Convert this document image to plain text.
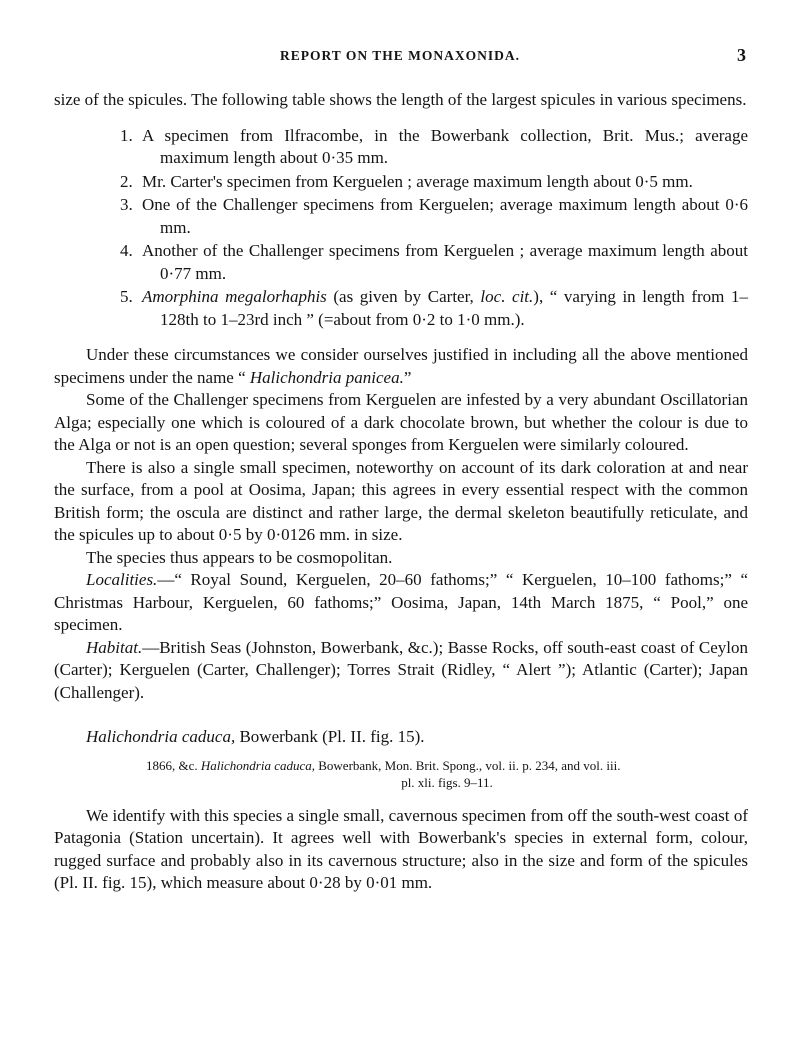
REPORT ON THE MONAXONIDA.	3

size of the spicules. The following table shows the length of the largest spicules in various specimens.

1. A specimen from Ilfracombe, in the Bowerbank collection, Brit. Mus.; average maximum length about 0·35 mm.
2. Mr. Carter's specimen from Kerguelen ; average maximum length about 0·5 mm.
3. One of the Challenger specimens from Kerguelen; average maximum length about 0·6 mm.
4. Another of the Challenger specimens from Kerguelen ; average maximum length about 0·77 mm.
5. Amorphina megalorhaphis (as given by Carter, loc. cit.), “ varying in length from 1–128th to 1–23rd inch ” (=about from 0·2 to 1·0 mm.).

Under these circumstances we consider ourselves justified in including all the above mentioned specimens under the name “ Halichondria panicea.”

Some of the Challenger specimens from Kerguelen are infested by a very abundant Oscillatorian Alga; especially one which is coloured of a dark chocolate brown, but whether the colour is due to the Alga or not is an open question; several sponges from Kerguelen were similarly coloured.

There is also a single small specimen, noteworthy on account of its dark coloration at and near the surface, from a pool at Oosima, Japan; this agrees in every essential respect with the common British form; the oscula are distinct and rather large, the dermal skeleton beautifully reticulate, and the spicules up to about 0·5 by 0·0126 mm. in size.

The species thus appears to be cosmopolitan.

Localities.—“ Royal Sound, Kerguelen, 20–60 fathoms;” “ Kerguelen, 10–100 fathoms;” “ Christmas Harbour, Kerguelen, 60 fathoms;” Oosima, Japan, 14th March 1875, “ Pool,” one specimen.

Habitat.—British Seas (Johnston, Bowerbank, &c.); Basse Rocks, off south-east coast of Ceylon (Carter); Kerguelen (Carter, Challenger); Torres Strait (Ridley, “ Alert ”); Atlantic (Carter); Japan (Challenger).

Halichondria caduca, Bowerbank (Pl. II. fig. 15).

1866, &c. Halichondria caduca, Bowerbank, Mon. Brit. Spong., vol. ii. p. 234, and vol. iii.
pl. xli. figs. 9–11.

We identify with this species a single small, cavernous specimen from off the south-west coast of Patagonia (Station uncertain). It agrees well with Bowerbank's species in external form, colour, rugged surface and probably also in its cavernous structure; also in the size and form of the spicules (Pl. II. fig. 15), which measure about 0·28 by 0·01 mm.
